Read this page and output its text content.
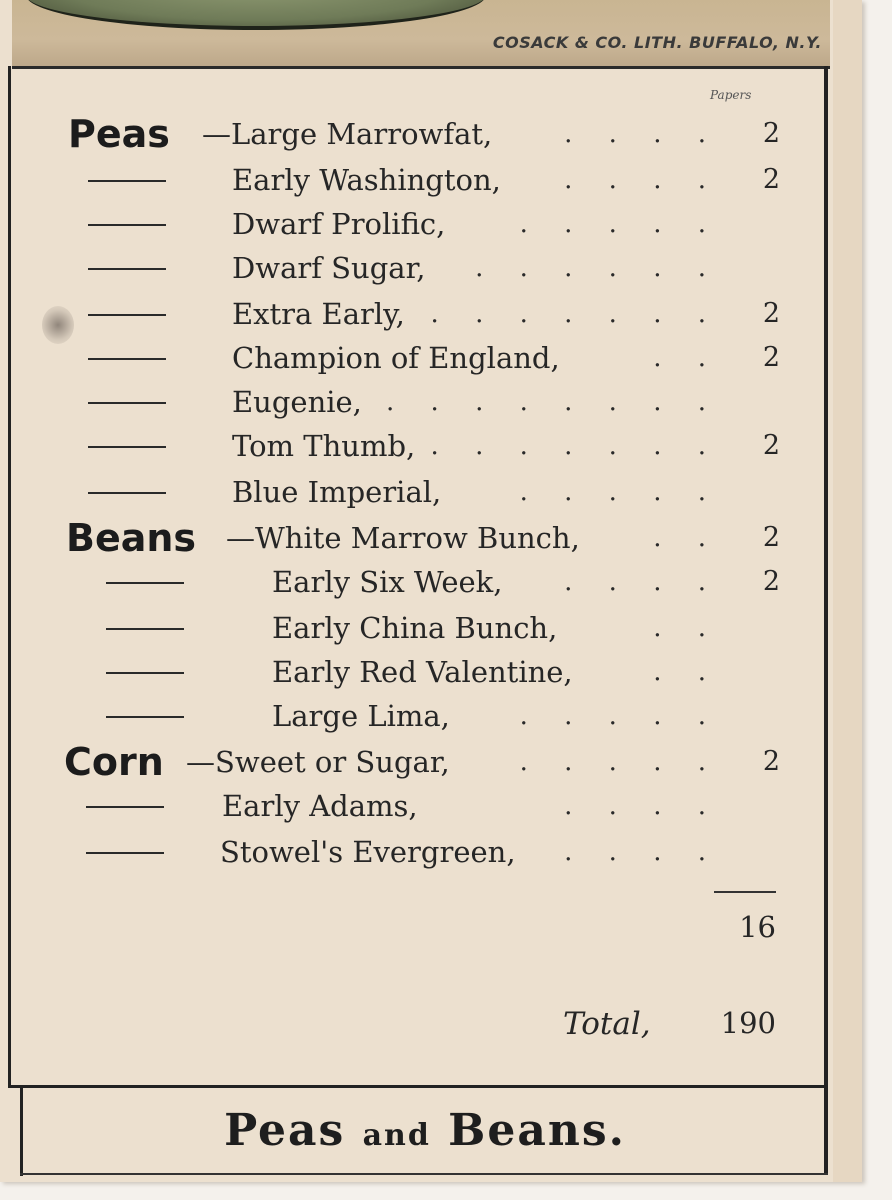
COSACK & CO. LITH. BUFFALO, N.Y.
Papers
Peas —Large Marrowfat,	. . . .	2
Early Washington, . . . .	2
Dwarf Prolific,	. . . . .
Dwarf Sugar, . . . . . .
Extra Early, . . . . . . .	2
Champion of England,	. .	2
Eugenie, . . . . . . . .
Tom Thumb, . . . . . . .	2
Blue Imperial,	. . . . .
Beans —White Marrow Bunch,	. .	2
Early Six Week, . . . .	2
Early China Bunch,	. .
Early Red Valentine,	. .
Large Lima,	. . . . .
Corn —Sweet or Sugar,	. . . . .	2
Early Adams,	. . . .
Stowel's Evergreen, . . . .
16
Total,	190
Peas and Beans.
